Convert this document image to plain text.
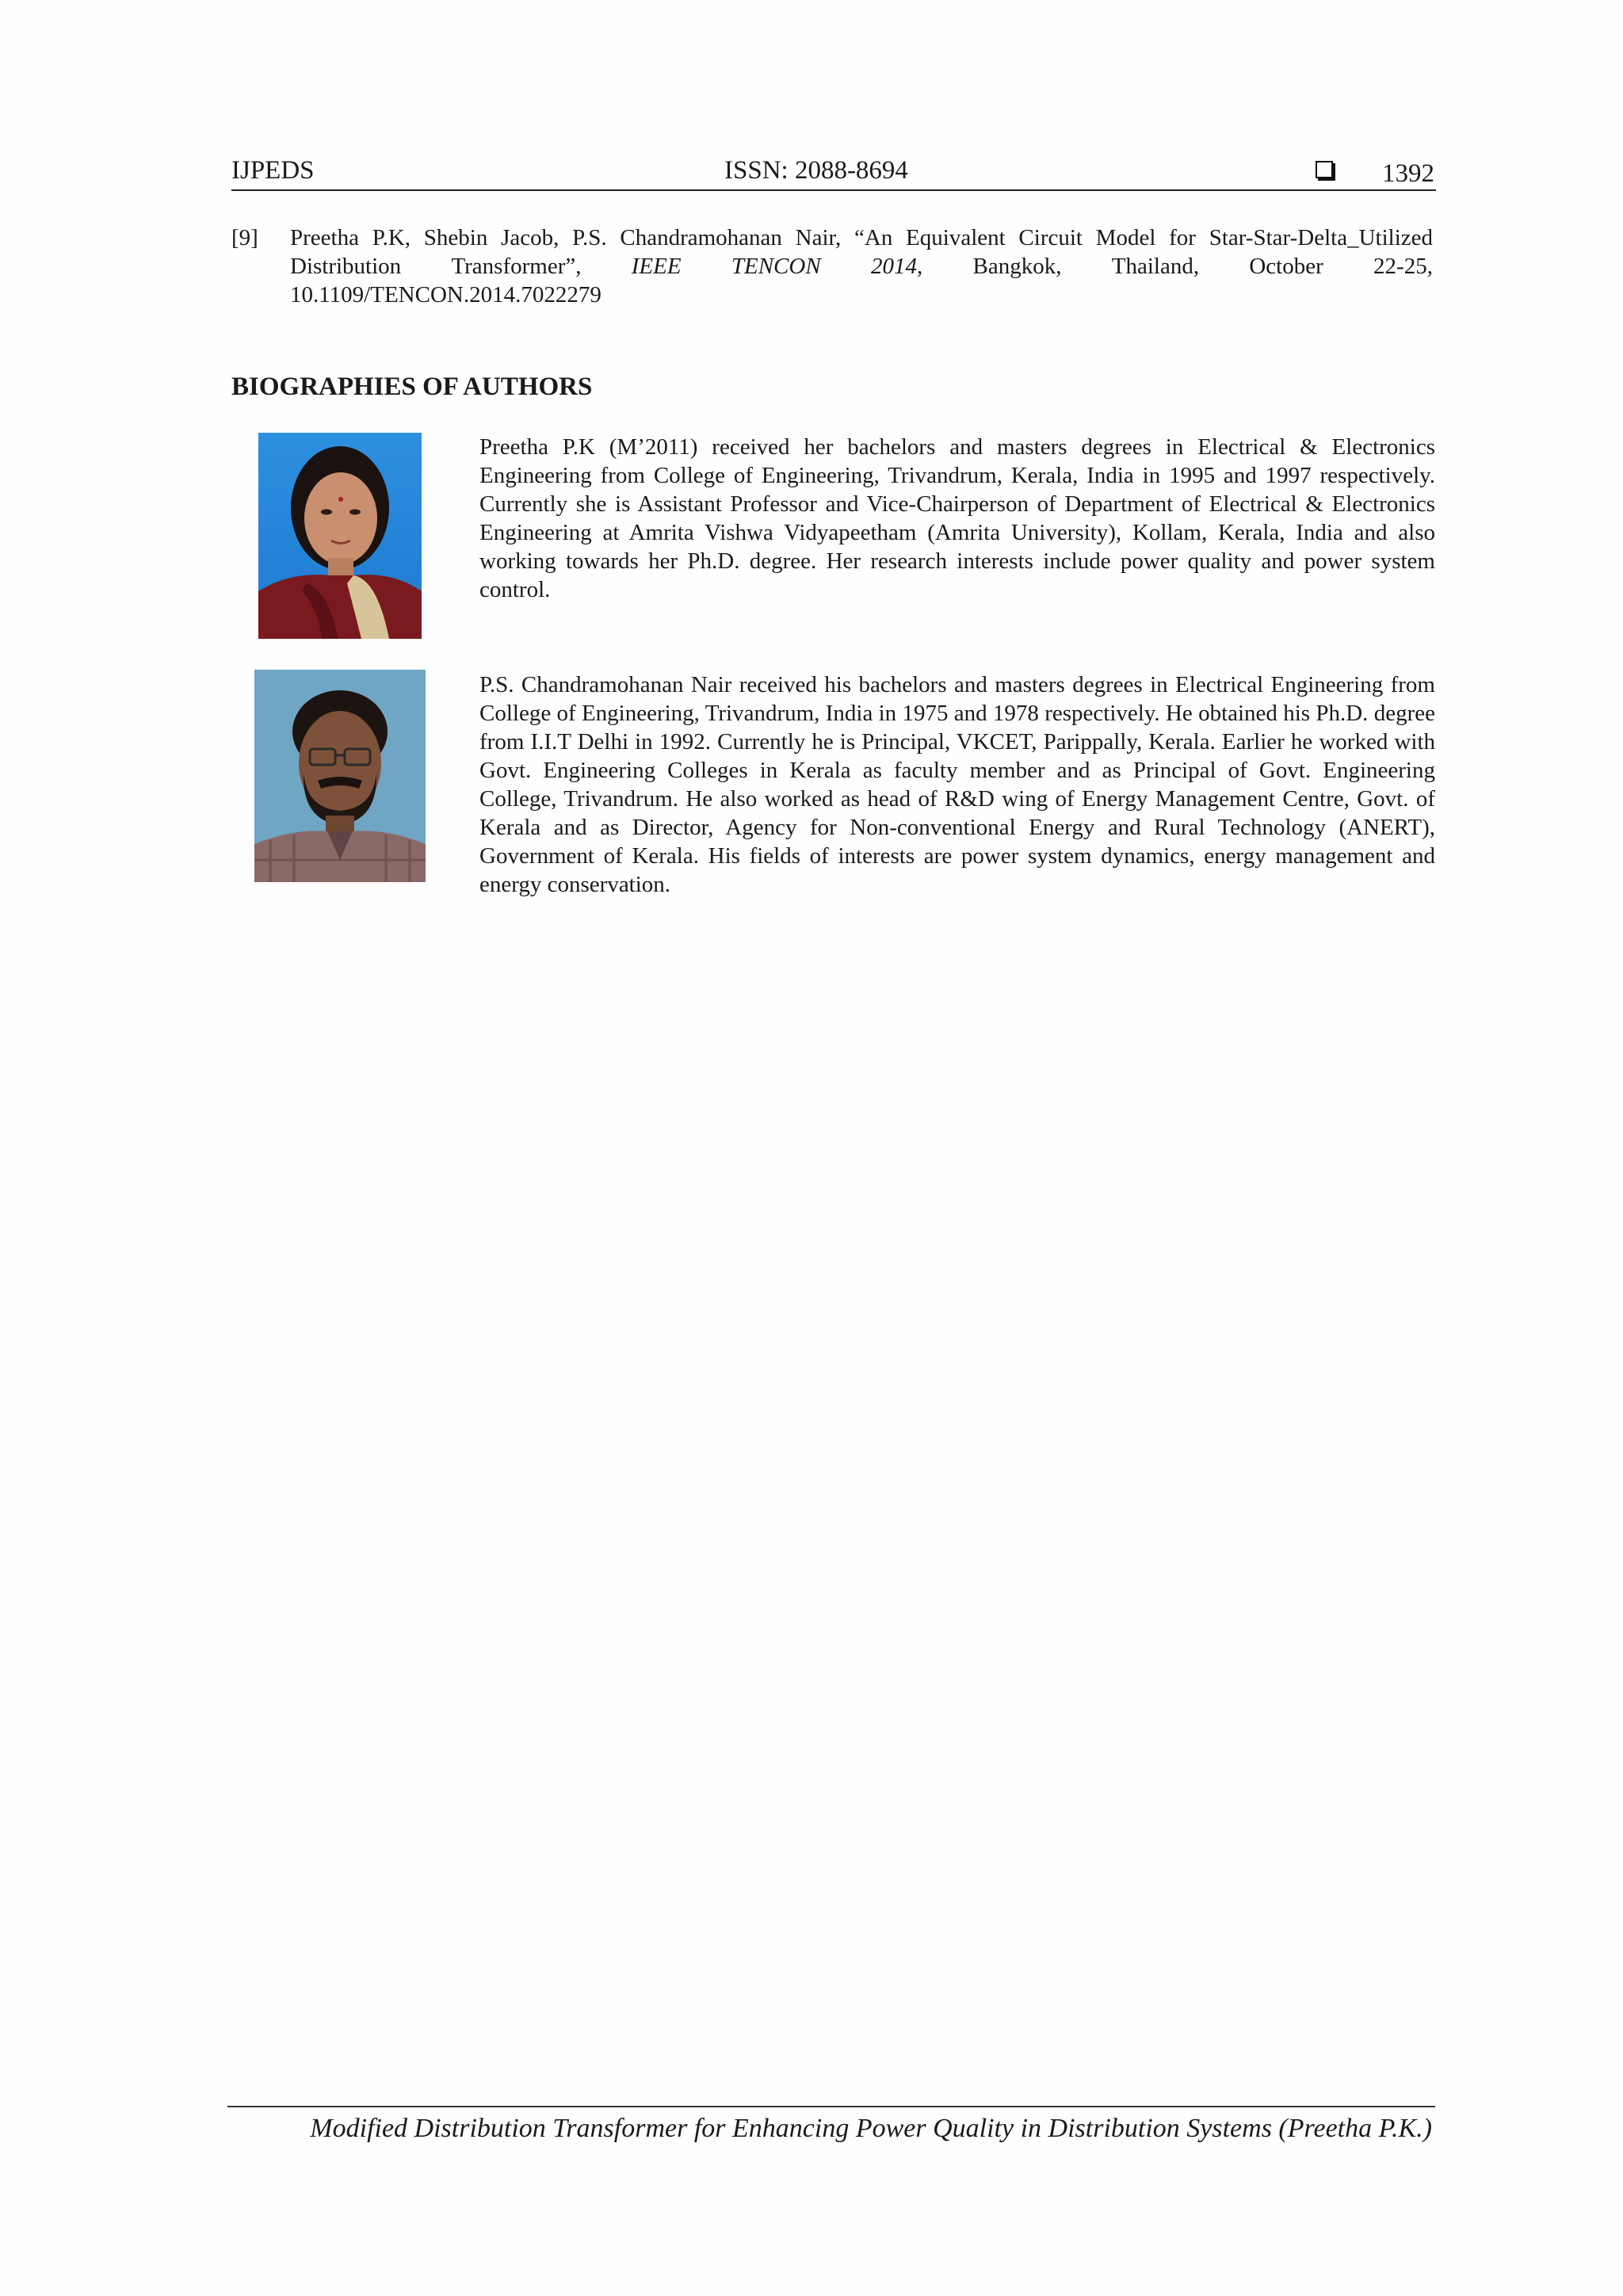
IJPEDS	ISSN: 2088-8694	1392
[9] Preetha P.K, Shebin Jacob, P.S. Chandramohanan Nair, “An Equivalent Circuit Model for Star-Star-Delta_Utilized
Distribution Transformer”, IEEE TENCON 2014, Bangkok, Thailand, October 22-25,
10.1109/TENCON.2014.7022279
BIOGRAPHIES OF AUTHORS
Preetha P.K (M’2011) received her bachelors and masters degrees in Electrical & Electronics Engineering from College of Engineering, Trivandrum, Kerala, India in 1995 and 1997 respectively. Currently she is Assistant Professor and Vice-Chairperson of Department of Electrical & Electronics Engineering at Amrita Vishwa Vidyapeetham (Amrita University), Kollam, Kerala, India and also working towards her Ph.D. degree. Her research interests include power quality and power system control.
P.S. Chandramohanan Nair received his bachelors and masters degrees in Electrical Engineering from College of Engineering, Trivandrum, India in 1975 and 1978 respectively. He obtained his Ph.D. degree from I.I.T Delhi in 1992. Currently he is Principal, VKCET, Parippally, Kerala. Earlier he worked with Govt. Engineering Colleges in Kerala as faculty member and as Principal of Govt. Engineering College, Trivandrum. He also worked as head of R&D wing of Energy Management Centre, Govt. of Kerala and as Director, Agency for Non-conventional Energy and Rural Technology (ANERT), Government of Kerala. His fields of interests are power system dynamics, energy management and energy conservation.
Modified Distribution Transformer for Enhancing Power Quality in Distribution Systems (Preetha P.K.)
